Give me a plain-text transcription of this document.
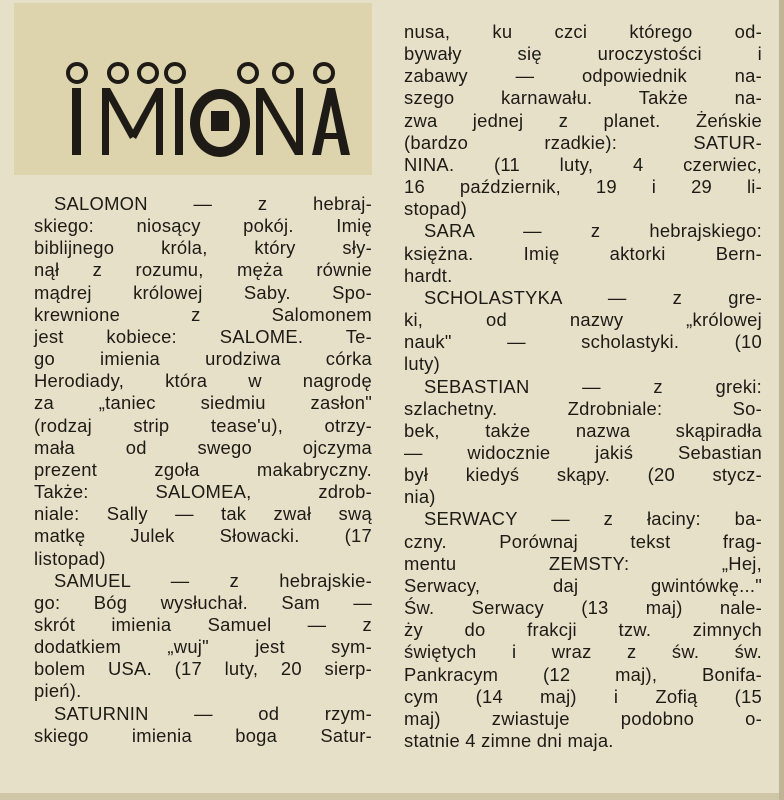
IMIONA

SALOMON — z hebraj-

skiego: niosący pokój. Imię

biblijnego króla, który sły-

nął z rozumu, męża równie

mądrej królowej Saby. Spo-

krewnione z Salomonem

jest kobiece: SALOME. Te-

go imienia urodziwa córka

Herodiady, która w nagrodę

za „taniec siedmiu zasłon"

(rodzaj strip tease'u), otrzy-

mała od swego ojczyma

prezent zgoła makabryczny.

Także: SALOMEA, zdrob-

niale: Sally — tak zwał swą

matkę Julek Słowacki. (17

listopad)

SAMUEL — z hebrajskie-

go: Bóg wysłuchał. Sam —

skrót imienia Samuel — z

dodatkiem „wuj" jest sym-

bolem USA. (17 luty, 20 sierp-

pień).

SATURNIN — od rzym-

skiego imienia boga Satur-

nusa, ku czci którego od-

bywały się uroczystości i

zabawy — odpowiednik na-

szego karnawału. Także na-

zwa jednej z planet. Żeńskie

(bardzo rzadkie): SATUR-

NINA. (11 luty, 4 czerwiec,

16 październik, 19 i 29 li-

stopad)

SARA — z hebrajskiego:

księżna. Imię aktorki Bern-

hardt.

SCHOLASTYKA — z gre-

ki, od nazwy „królowej

nauk" — scholastyki. (10

luty)

SEBASTIAN — z greki:

szlachetny. Zdrobniale: So-

bek, także nazwa skąpiradła

— widocznie jakiś Sebastian

był kiedyś skąpy. (20 stycz-

nia)

SERWACY — z łaciny: ba-

czny. Porównaj tekst frag-

mentu ZEMSTY: „Hej,

Serwacy, daj gwintówkę..."

Św. Serwacy (13 maj) nale-

ży do frakcji tzw. zimnych

świętych i wraz z św. św.

Pankracym (12 maj), Bonifa-

cym (14 maj) i Zofią (15

maj) zwiastuje podobno o-

statnie 4 zimne dni maja.
